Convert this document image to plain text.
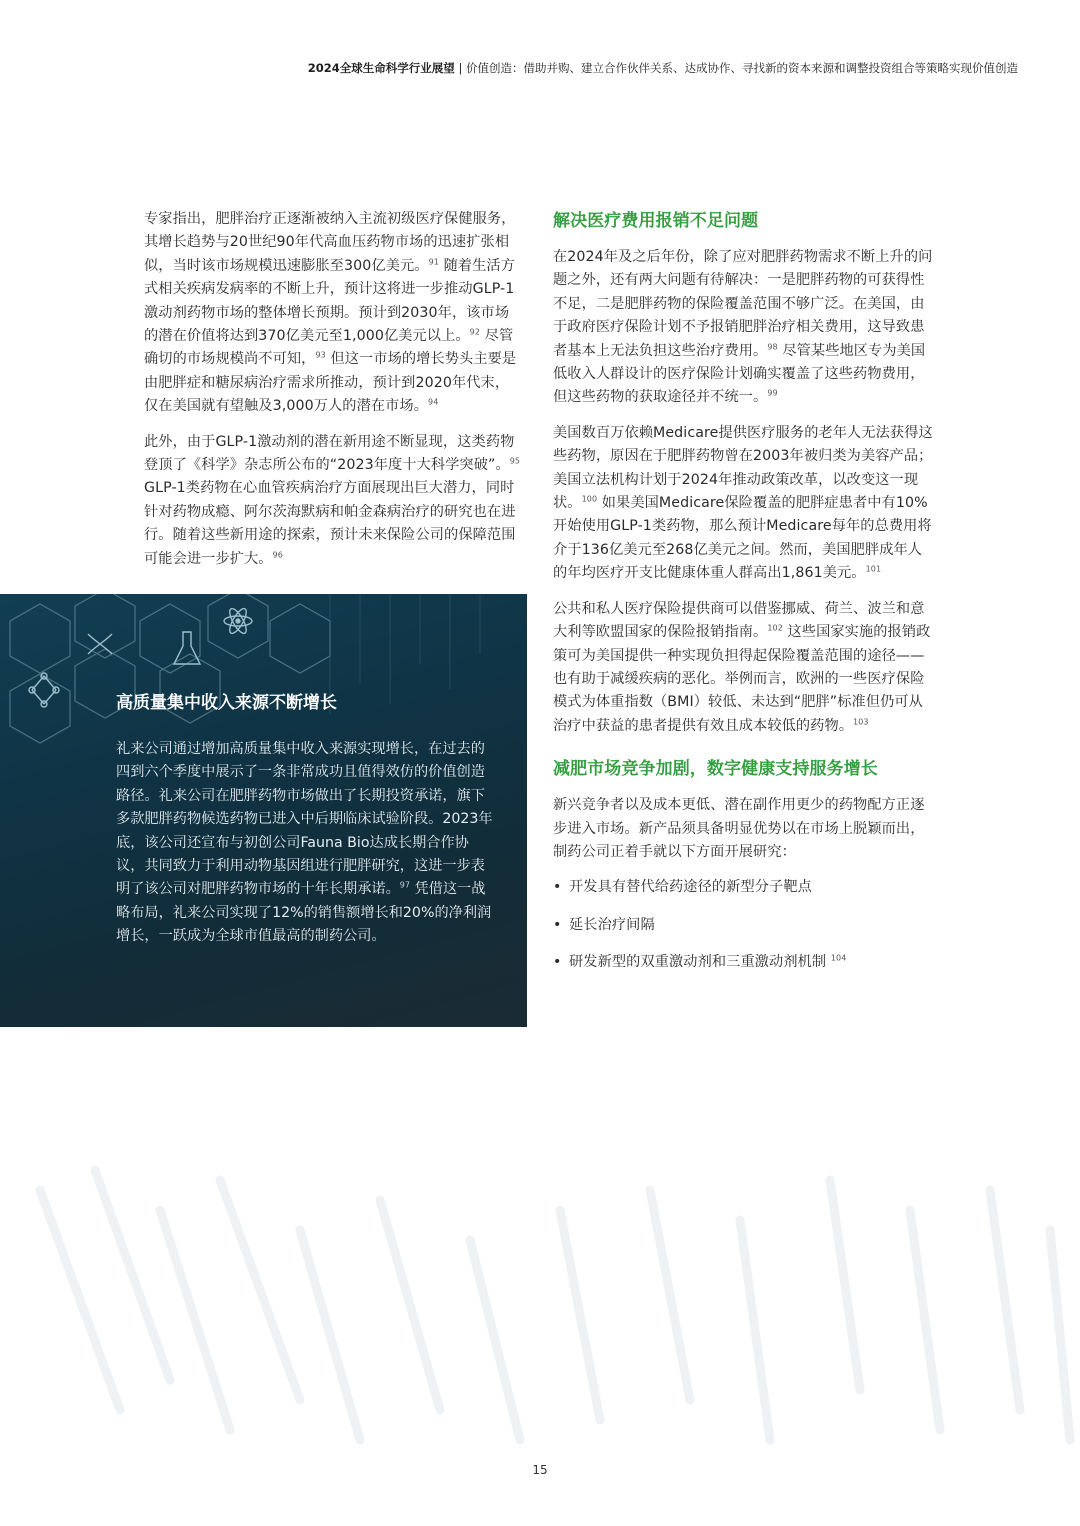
2024全球生命科学行业展望 | 价值创造：借助并购、建立合作伙伴关系、达成协作、寻找新的资本来源和调整投资组合等策略实现价值创造

专家指出，肥胖治疗正逐渐被纳入主流初级医疗保健服务，其增长趋势与20世纪90年代高血压药物市场的迅速扩张相似，当时该市场规模迅速膨胀至300亿美元。$^{91}$ 随着生活方式相关疾病发病率的不断上升，预计这将进一步推动GLP-1激动剂药物市场的整体增长预期。预计到2030年，该市场的潜在价值将达到370亿美元至1,000亿美元以上。$^{92}$ 尽管确切的市场规模尚不可知，$^{93}$ 但这一市场的增长势头主要是由肥胖症和糖尿病治疗需求所推动，预计到2020年代末，仅在美国就有望触及3,000万人的潜在市场。$^{94}$

此外，由于GLP-1激动剂的潜在新用途不断显现，这类药物登顶了《科学》杂志所公布的“2023年度十大科学突破”。$^{95}$ GLP-1类药物在心血管疾病治疗方面展现出巨大潜力，同时针对药物成瘾、阿尔茨海默病和帕金森病治疗的研究也在进行。随着这些新用途的探索，预计未来保险公司的保障范围可能会进一步扩大。$^{96}$

高质量集中收入来源不断增长
礼来公司通过增加高质量集中收入来源实现增长，在过去的四到六个季度中展示了一条非常成功且值得效仿的价值创造路径。礼来公司在肥胖药物市场做出了长期投资承诺，旗下多款肥胖药物候选药物已进入中后期临床试验阶段。2023年底，该公司还宣布与初创公司Fauna Bio达成长期合作协议，共同致力于利用动物基因组进行肥胖研究，这进一步表明了该公司对肥胖药物市场的十年长期承诺。$^{97}$ 凭借这一战略布局，礼来公司实现了12%的销售额增长和20%的净利润增长，一跃成为全球市值最高的制药公司。
解决医疗费用报销不足问题

在2024年及之后年份，除了应对肥胖药物需求不断上升的问题之外，还有两大问题有待解决：一是肥胖药物的可获得性不足，二是肥胖药物的保险覆盖范围不够广泛。在美国，由于政府医疗保险计划不予报销肥胖治疗相关费用，这导致患者基本上无法负担这些治疗费用。$^{98}$ 尽管某些地区专为美国低收入人群设计的医疗保险计划确实覆盖了这些药物费用，但这些药物的获取途径并不统一。$^{99}$

美国数百万依赖Medicare提供医疗服务的老年人无法获得这些药物，原因在于肥胖药物曾在2003年被归类为美容产品；美国立法机构计划于2024年推动政策改革，以改变这一现状。$^{100}$ 如果美国Medicare保险覆盖的肥胖症患者中有10%开始使用GLP-1类药物，那么预计Medicare每年的总费用将介于136亿美元至268亿美元之间。然而，美国肥胖成年人的年均医疗开支比健康体重人群高出1,861美元。$^{101}$

公共和私人医疗保险提供商可以借鉴挪威、荷兰、波兰和意大利等欧盟国家的保险报销指南。$^{102}$ 这些国家实施的报销政策可为美国提供一种实现负担得起保险覆盖范围的途径——也有助于减缓疾病的恶化。举例而言，欧洲的一些医疗保险模式为体重指数（BMI）较低、未达到“肥胖”标准但仍可从治疗中获益的患者提供有效且成本较低的药物。$^{103}$

减肥市场竞争加剧，数字健康支持服务增长

新兴竞争者以及成本更低、潜在副作用更少的药物配方正逐步进入市场。新产品须具备明显优势以在市场上脱颖而出，制药公司正着手就以下方面开展研究：

• 开发具有替代给药途径的新型分子靶点
• 延长治疗间隔
• 研发新型的双重激动剂和三重激动剂机制 $^{104}$
15
